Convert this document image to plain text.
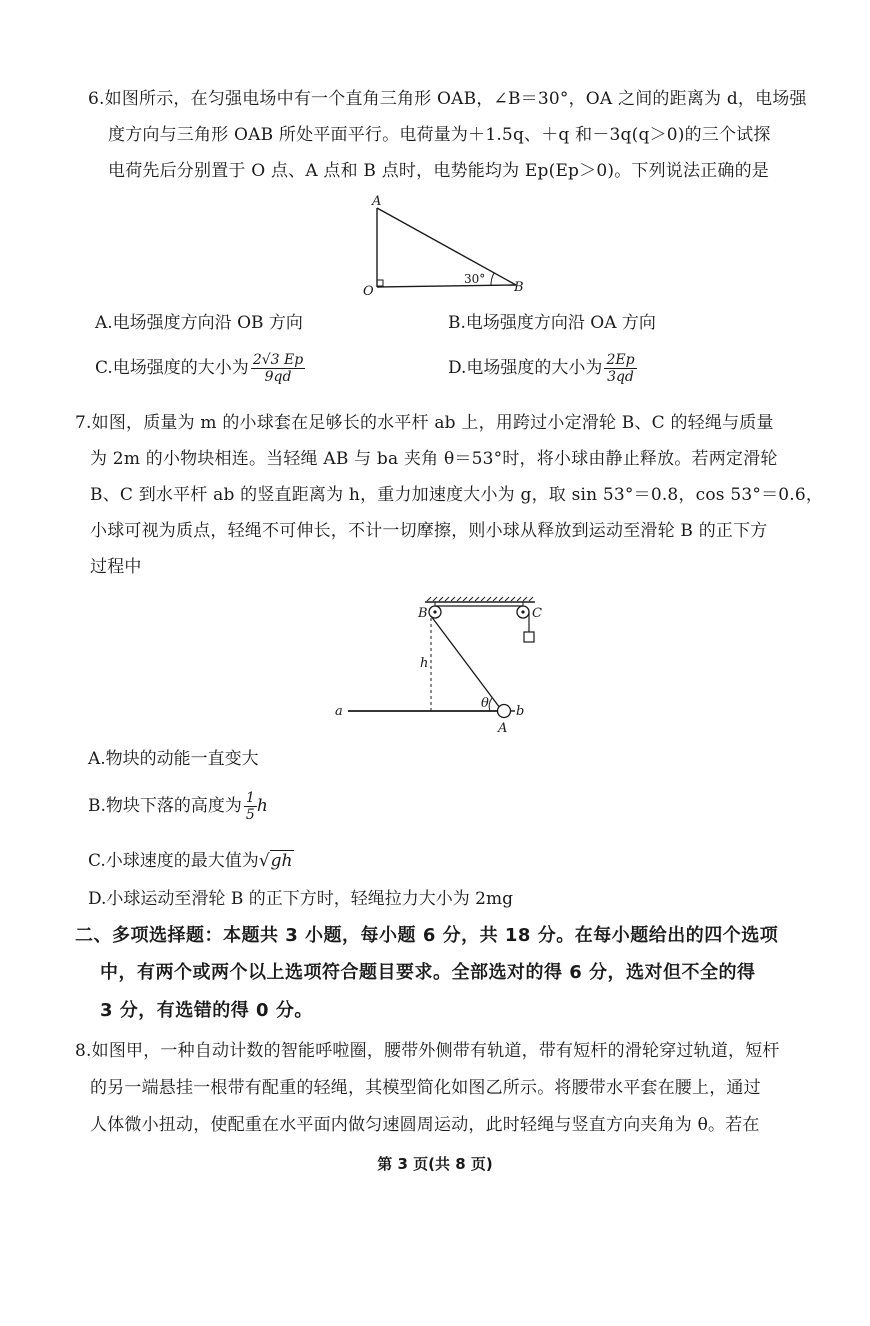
6.如图所示，在匀强电场中有一个直角三角形 OAB，∠B＝30°，OA 之间的距离为 d，电场强
度方向与三角形 OAB 所处平面平行。电荷量为＋1.5q、＋q 和－3q(q＞0)的三个试探
电荷先后分别置于 O 点、A 点和 B 点时，电势能均为 Ep(Ep＞0)。下列说法正确的是
A
O	B
30°
A.电场强度方向沿 OB 方向	B.电场强度方向沿 OA 方向
C.电场强度的大小为 $\frac{2√3 Ep}{9qd}$	D.电场强度的大小为 $\frac{2Ep}{3qd}$
7.如图，质量为 m 的小球套在足够长的水平杆 ab 上，用跨过小定滑轮 B、C 的轻绳与质量
为 2m 的小物块相连。当轻绳 AB 与 ba 夹角 θ＝53°时，将小球由静止释放。若两定滑轮
B、C 到水平杆 ab 的竖直距离为 h，重力加速度大小为 g，取 sin 53°＝0.8，cos 53°＝0.6，
小球可视为质点，轻绳不可伸长，不计一切摩擦，则小球从释放到运动至滑轮 B 的正下方
过程中
B	C
h
θ
a	b
A
A.物块的动能一直变大
B.物块下落的高度为 $\frac{1}{5}$ h
C.小球速度的最大值为√gh
D.小球运动至滑轮 B 的正下方时，轻绳拉力大小为 2mg
二、多项选择题：本题共 3 小题，每小题 6 分，共 18 分。在每小题给出的四个选项
中，有两个或两个以上选项符合题目要求。全部选对的得 6 分，选对但不全的得
3 分，有选错的得 0 分。
8.如图甲，一种自动计数的智能呼啦圈，腰带外侧带有轨道，带有短杆的滑轮穿过轨道，短杆
的另一端悬挂一根带有配重的轻绳，其模型简化如图乙所示。将腰带水平套在腰上，通过
人体微小扭动，使配重在水平面内做匀速圆周运动，此时轻绳与竖直方向夹角为 θ。若在
第 3 页(共 8 页)
